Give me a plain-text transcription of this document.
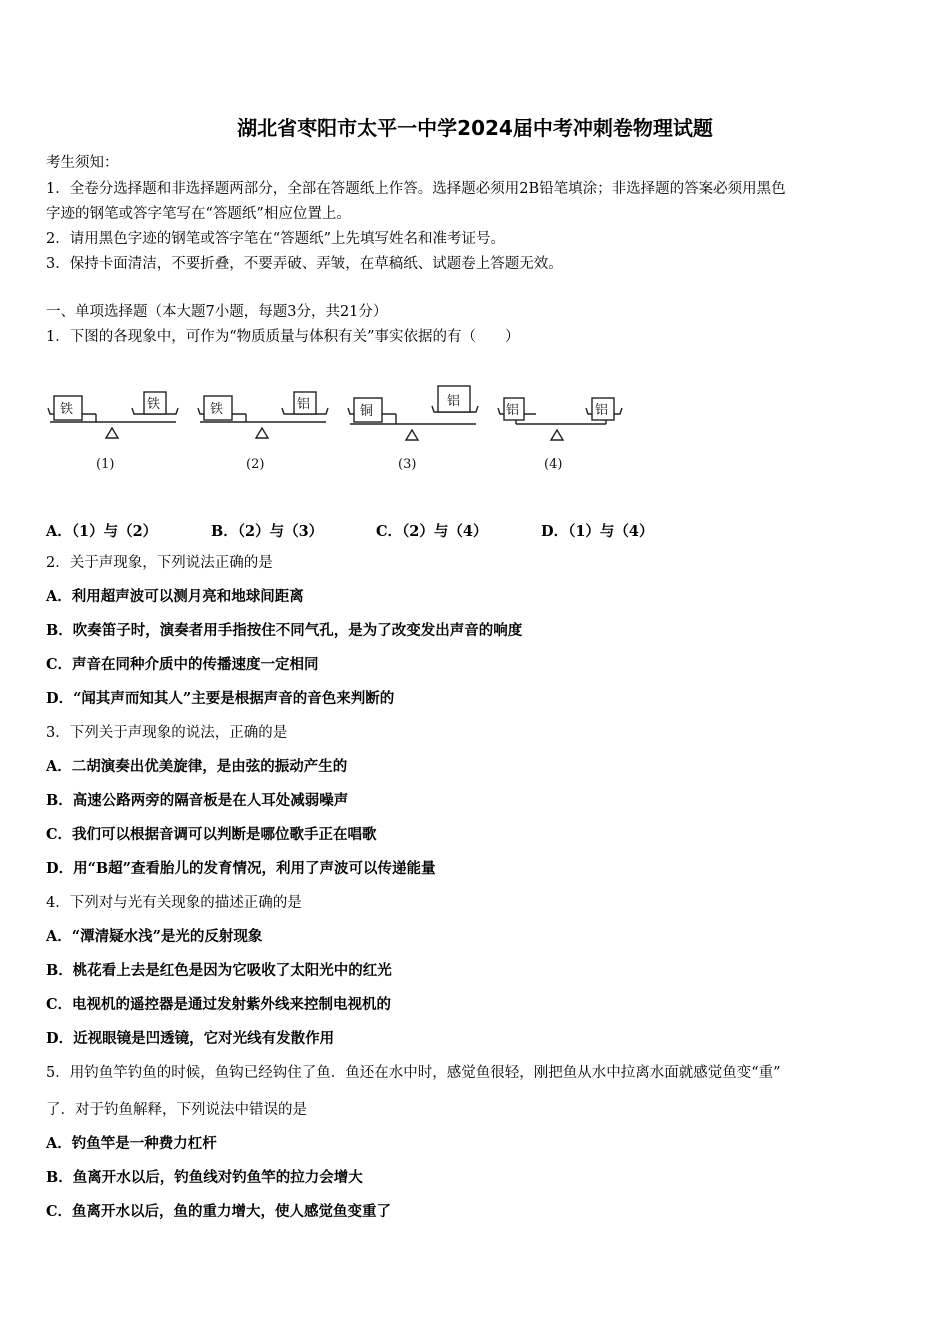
湖北省枣阳市太平一中学2024届中考冲刺卷物理试题
考生须知：
1．全卷分选择题和非选择题两部分，全部在答题纸上作答。选择题必须用2B铅笔填涂；非选择题的答案必须用黑色
字迹的钢笔或答字笔写在“答题纸”相应位置上。
2．请用黑色字迹的钢笔或答字笔在“答题纸”上先填写姓名和准考证号。
3．保持卡面清洁，不要折叠，不要弄破、弄皱，在草稿纸、试题卷上答题无效。
一、单项选择题（本大题7小题，每题3分，共21分）
1．下图的各现象中，可作为“物质质量与体积有关”事实依据的有（　　）
铁	铁
(1)
铁	铝
(2)
铜
铝
(3)
铝	铝
(4)
A．（1）与（2）	B．（2）与（3）	C．（2）与（4）	D．（1）与（4）
2．关于声现象，下列说法正确的是
A．利用超声波可以测月亮和地球间距离
B．吹奏笛子时，演奏者用手指按住不同气孔，是为了改变发出声音的响度
C．声音在同种介质中的传播速度一定相同
D．“闻其声而知其人”主要是根据声音的音色来判断的
3．下列关于声现象的说法，正确的是
A．二胡演奏出优美旋律，是由弦的振动产生的
B．高速公路两旁的隔音板是在人耳处减弱噪声
C．我们可以根据音调可以判断是哪位歌手正在唱歌
D．用“B超”查看胎儿的发育情况，利用了声波可以传递能量
4．下列对与光有关现象的描述正确的是
A．“潭清疑水浅”是光的反射现象
B．桃花看上去是红色是因为它吸收了太阳光中的红光
C．电视机的遥控器是通过发射紫外线来控制电视机的
D．近视眼镜是凹透镜，它对光线有发散作用
5．用钓鱼竿钓鱼的时候，鱼钩已经钩住了鱼．鱼还在水中时，感觉鱼很轻，刚把鱼从水中拉离水面就感觉鱼变“重”
了．对于钓鱼解释，下列说法中错误的是
A．钓鱼竿是一种费力杠杆
B．鱼离开水以后，钓鱼线对钓鱼竿的拉力会增大
C．鱼离开水以后，鱼的重力增大，使人感觉鱼变重了
